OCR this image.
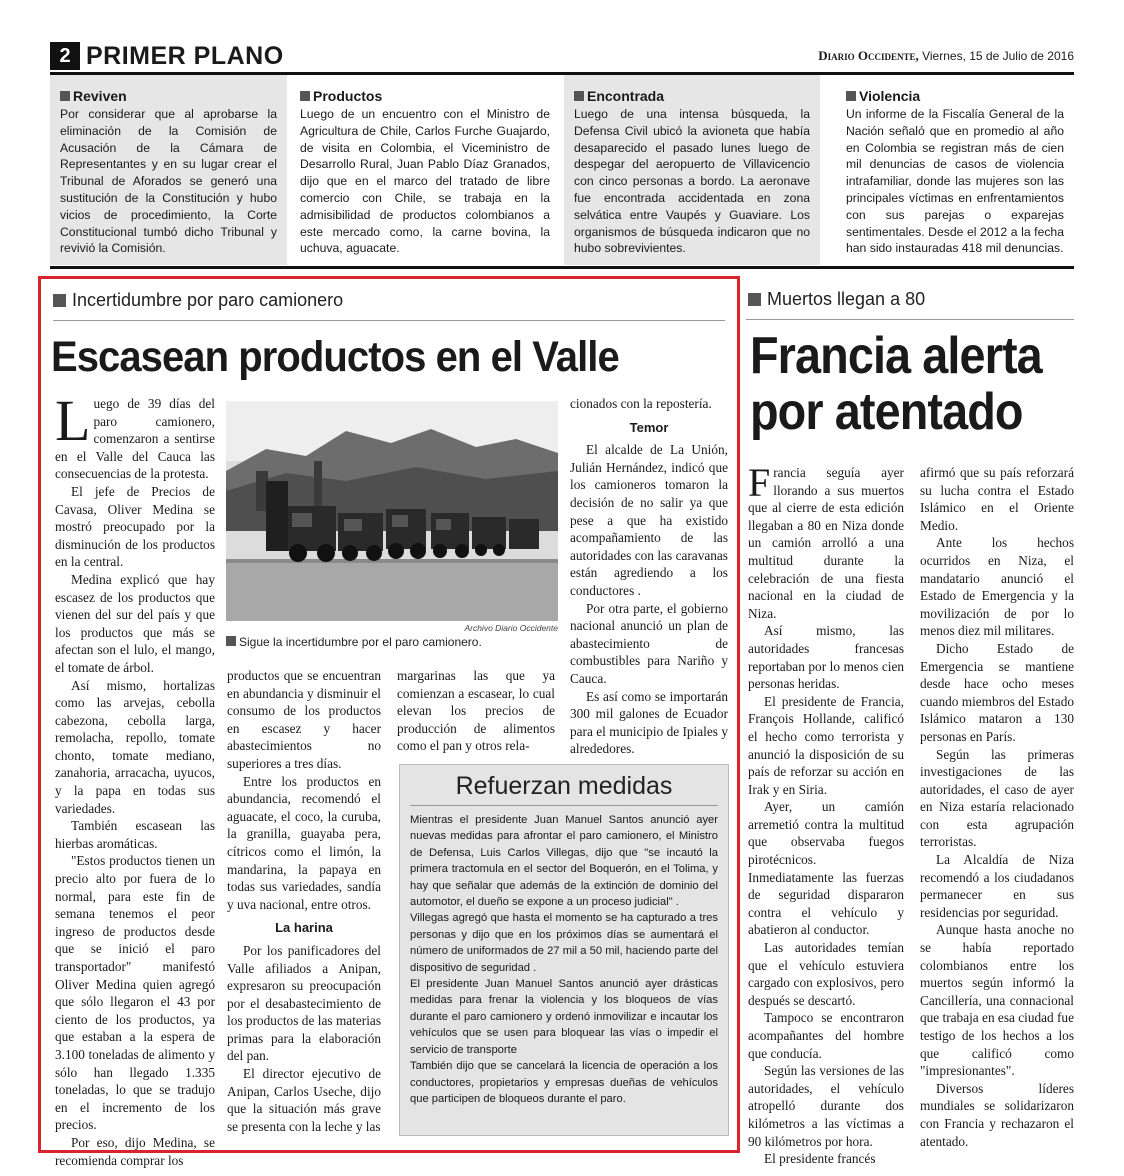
2 PRIMER PLANO	Diario Occidente, Viernes, 15 de Julio de 2016
Reviven
Por considerar que al aprobarse la eliminación de la Comisión de Acusación de la Cámara de Representantes y en su lugar crear el Tribunal de Aforados se generó una sustitución de la Constitución y hubo vicios de procedimiento, la Corte Constitucional tumbó dicho Tribunal y revivió la Comisión.
Productos
Luego de un encuentro con el Ministro de Agricultura de Chile, Carlos Furche Guajardo, de visita en Colombia, el Viceministro de Desarrollo Rural, Juan Pablo Díaz Granados, dijo que en el marco del tratado de libre comercio con Chile, se trabaja en la admisibilidad de productos colombianos a este mercado como, la carne bovina, la uchuva, aguacate.
Encontrada
Luego de una intensa búsqueda, la Defensa Civil ubicó la avioneta que había desaparecido el pasado lunes luego de despegar del aeropuerto de Villavicencio con cinco personas a bordo. La aeronave fue encontrada accidentada en zona selvática entre Vaupés y Guaviare. Los organismos de búsqueda indicaron que no hubo sobrevivientes.
Violencia
Un informe de la Fiscalía General de la Nación señaló que en promedio al año en Colombia se registran más de cien mil denuncias de casos de violencia intrafamiliar, donde las mujeres son las principales víctimas en enfrentamientos con sus parejas o exparejas sentimentales. Desde el 2012 a la fecha han sido instauradas 418 mil denuncias.
Incertidumbre por paro camionero
Escasean productos en el Valle

Luego de 39 días del paro camionero, comenzaron a sentirse en el Valle del Cauca las consecuencias de la protesta.

El jefe de Precios de Cavasa, Oliver Medina se mostró preocupado por la disminución de los productos en la central.

Medina explicó que hay escasez de los productos que vienen del sur del país y que los productos que más se afectan son el lulo, el mango, el tomate de árbol.

Así mismo, hortalizas como las arvejas, cebolla cabezona, cebolla larga, remolacha, repollo, tomate chonto, tomate mediano, zanahoria, arracacha, uyucos, y la papa en todas sus variedades.

También escasean las hierbas aromáticas.

"Estos productos tienen un precio alto por fuera de lo normal, para este fin de semana tenemos el peor ingreso de productos desde que se inició el paro transportador" manifestó Oliver Medina quien agregó que sólo llegaron el 43 por ciento de los productos, ya que estaban a la espera de 3.100 toneladas de alimento y sólo han llegado 1.335 toneladas, lo que se tradujo en el incremento de los precios.

Por eso, dijo Medina, se recomienda comprar los

Archivo Diario Occidente
Sigue la incertidumbre por el paro camionero.

productos que se encuentran en abundancia y disminuir el consumo de los productos en escasez y hacer abastecimientos no superiores a tres días.

Entre los productos en abundancia, recomendó el aguacate, el coco, la curuba, la granilla, guayaba pera, cítricos como el limón, la mandarina, la papaya en todas sus variedades, sandía y uva nacional, entre otros.

La harina

Por los panificadores del Valle afiliados a Anipan, expresaron su preocupación por el desabastecimiento de los productos de las materias primas para la elaboración del pan.

El director ejecutivo de Anipan, Carlos Useche, dijo que la situación más grave se presenta con la leche y las

margarinas las que ya comienzan a escasear, lo cual elevan los precios de producción de alimentos como el pan y otros rela-

cionados con la repostería.

Temor

El alcalde de La Unión, Julián Hernández, indicó que los camioneros tomaron la decisión de no salir ya que pese a que ha existido acompañamiento de las autoridades con las caravanas están agrediendo a los conductores .

Por otra parte, el gobierno nacional anunció un plan de abastecimiento de combustibles para Nariño y Cauca.

Es así como se importarán 300 mil galones de Ecuador para el municipio de Ipiales y alrededores.

Refuerzan medidas
Mientras el presidente Juan Manuel Santos anunció ayer nuevas medidas para afrontar el paro camionero, el Ministro de Defensa, Luis Carlos Villegas, dijo que "se incautó la primera tractomula en el sector del Boquerón, en el Tolima, y hay que señalar que además de la extinción de dominio del automotor, el dueño se expone a un proceso judicial" .
Villegas agregó que hasta el momento se ha capturado a tres personas y dijo que en los próximos días se aumentará el número de uniformados de 27 mil a 50 mil, haciendo parte del dispositivo de seguridad .
El presidente Juan Manuel Santos anunció ayer drásticas medidas para frenar la violencia y los bloqueos de vías durante el paro camionero y ordenó inmovilizar e incautar los vehículos que se usen para bloquear las vías o impedir el servicio de transporte
También dijo que se cancelará la licencia de operación a los conductores, propietarios y empresas dueñas de vehículos que participen de bloqueos durante el paro.
Muertos llegan a 80
Francia alerta por atentado

Francia seguía ayer llorando a sus muertos que al cierre de esta edición llegaban a 80 en Niza donde un camión arrolló a una multitud durante la celebración de una fiesta nacional en la ciudad de Niza.

Así mismo, las autoridades francesas reportaban por lo menos cien personas heridas.

El presidente de Francia, François Hollande, calificó el hecho como terrorista y anunció la disposición de su país de reforzar su acción en Irak y en Siria.

Ayer, un camión arremetió contra la multitud que observaba fuegos pirotécnicos. Inmediatamente las fuerzas de seguridad dispararon contra el vehículo y abatieron al conductor.

Las autoridades temían que el vehículo estuviera cargado con explosivos, pero después se descartó.

Tampoco se encontraron acompañantes del hombre que conducía.

Según las versiones de las autoridades, el vehículo atropelló durante dos kilómetros a las víctimas a 90 kilómetros por hora.

El presidente francés

afirmó que su país reforzará su lucha contra el Estado Islámico en el Oriente Medio.

Ante los hechos ocurridos en Niza, el mandatario anunció el Estado de Emergencia y la movilización de por lo menos diez mil militares.

Dicho Estado de Emergencia se mantiene desde hace ocho meses cuando miembros del Estado Islámico mataron a 130 personas en París.

Según las primeras investigaciones de las autoridades, el caso de ayer en Niza estaría relacionado con esta agrupación terroristas.

La Alcaldía de Niza recomendó a los ciudadanos permanecer en sus residencias por seguridad.

Aunque hasta anoche no se había reportado colombianos entre los muertos según informó la Cancillería, una connacional que trabaja en esa ciudad fue testigo de los hechos a los que calificó como "impresionantes".

Diversos líderes mundiales se solidarizaron con Francia y rechazaron el atentado.
